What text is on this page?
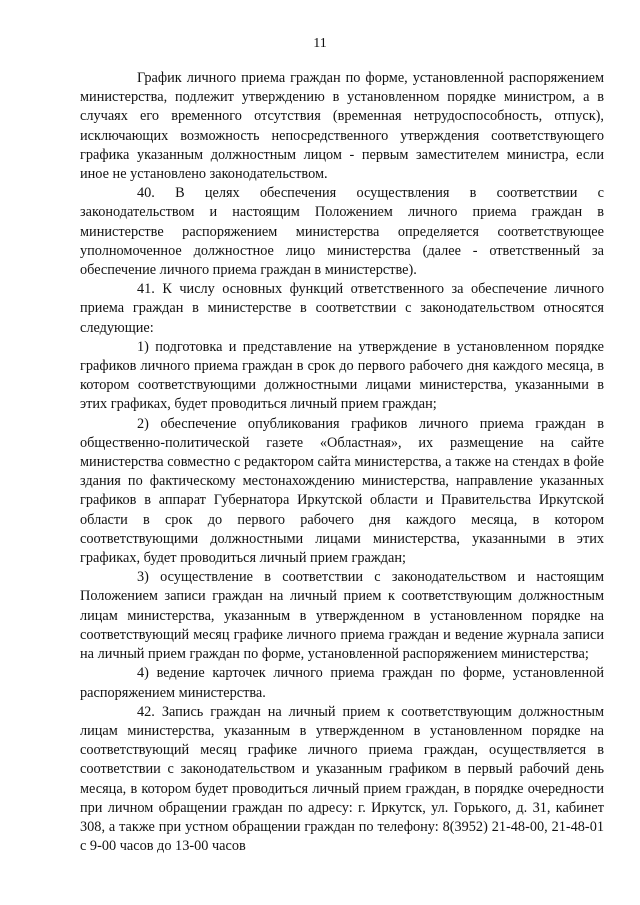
11

График личного приема граждан по форме, установленной распоряжением министерства, подлежит утверждению в установленном порядке министром, а в случаях его временного отсутствия (временная нетрудоспособность, отпуск), исключающих возможность непосредственного утверждения соответствующего графика указанным должностным лицом - первым заместителем министра, если иное не установлено законодательством.

40. В целях обеспечения осуществления в соответствии с законодательством и настоящим Положением личного приема граждан в министерстве распоряжением министерства определяется соответствующее уполномоченное должностное лицо министерства (далее - ответственный за обеспечение личного приема граждан в министерстве).

41. К числу основных функций ответственного за обеспечение личного приема граждан в министерстве в соответствии с законодательством относятся следующие:

1) подготовка и представление на утверждение в установленном порядке графиков личного приема граждан в срок до первого рабочего дня каждого месяца, в котором соответствующими должностными лицами министерства, указанными в этих графиках, будет проводиться личный прием граждан;

2) обеспечение опубликования графиков личного приема граждан в общественно-политической газете «Областная», их размещение на сайте министерства совместно с редактором сайта министерства, а также на стендах в фойе здания по фактическому местонахождению министерства, направление указанных графиков в аппарат Губернатора Иркутской области и Правительства Иркутской области в срок до первого рабочего дня каждого месяца, в котором соответствующими должностными лицами министерства, указанными в этих графиках, будет проводиться личный прием граждан;

3) осуществление в соответствии с законодательством и настоящим Положением записи граждан на личный прием к соответствующим должностным лицам министерства, указанным в утвержденном в установленном порядке на соответствующий месяц графике личного приема граждан и ведение журнала записи на личный прием граждан по форме, установленной распоряжением министерства;

4) ведение карточек личного приема граждан по форме, установленной распоряжением министерства.

42. Запись граждан на личный прием к соответствующим должностным лицам министерства, указанным в утвержденном в установленном порядке на соответствующий месяц графике личного приема граждан, осуществляется в соответствии с законодательством и указанным графиком в первый рабочий день месяца, в котором будет проводиться личный прием граждан, в порядке очередности при личном обращении граждан по адресу: г. Иркутск, ул. Горького, д. 31, кабинет 308, а также при устном обращении граждан по телефону: 8(3952) 21-48-00, 21-48-01 с 9-00 часов до 13-00 часов
